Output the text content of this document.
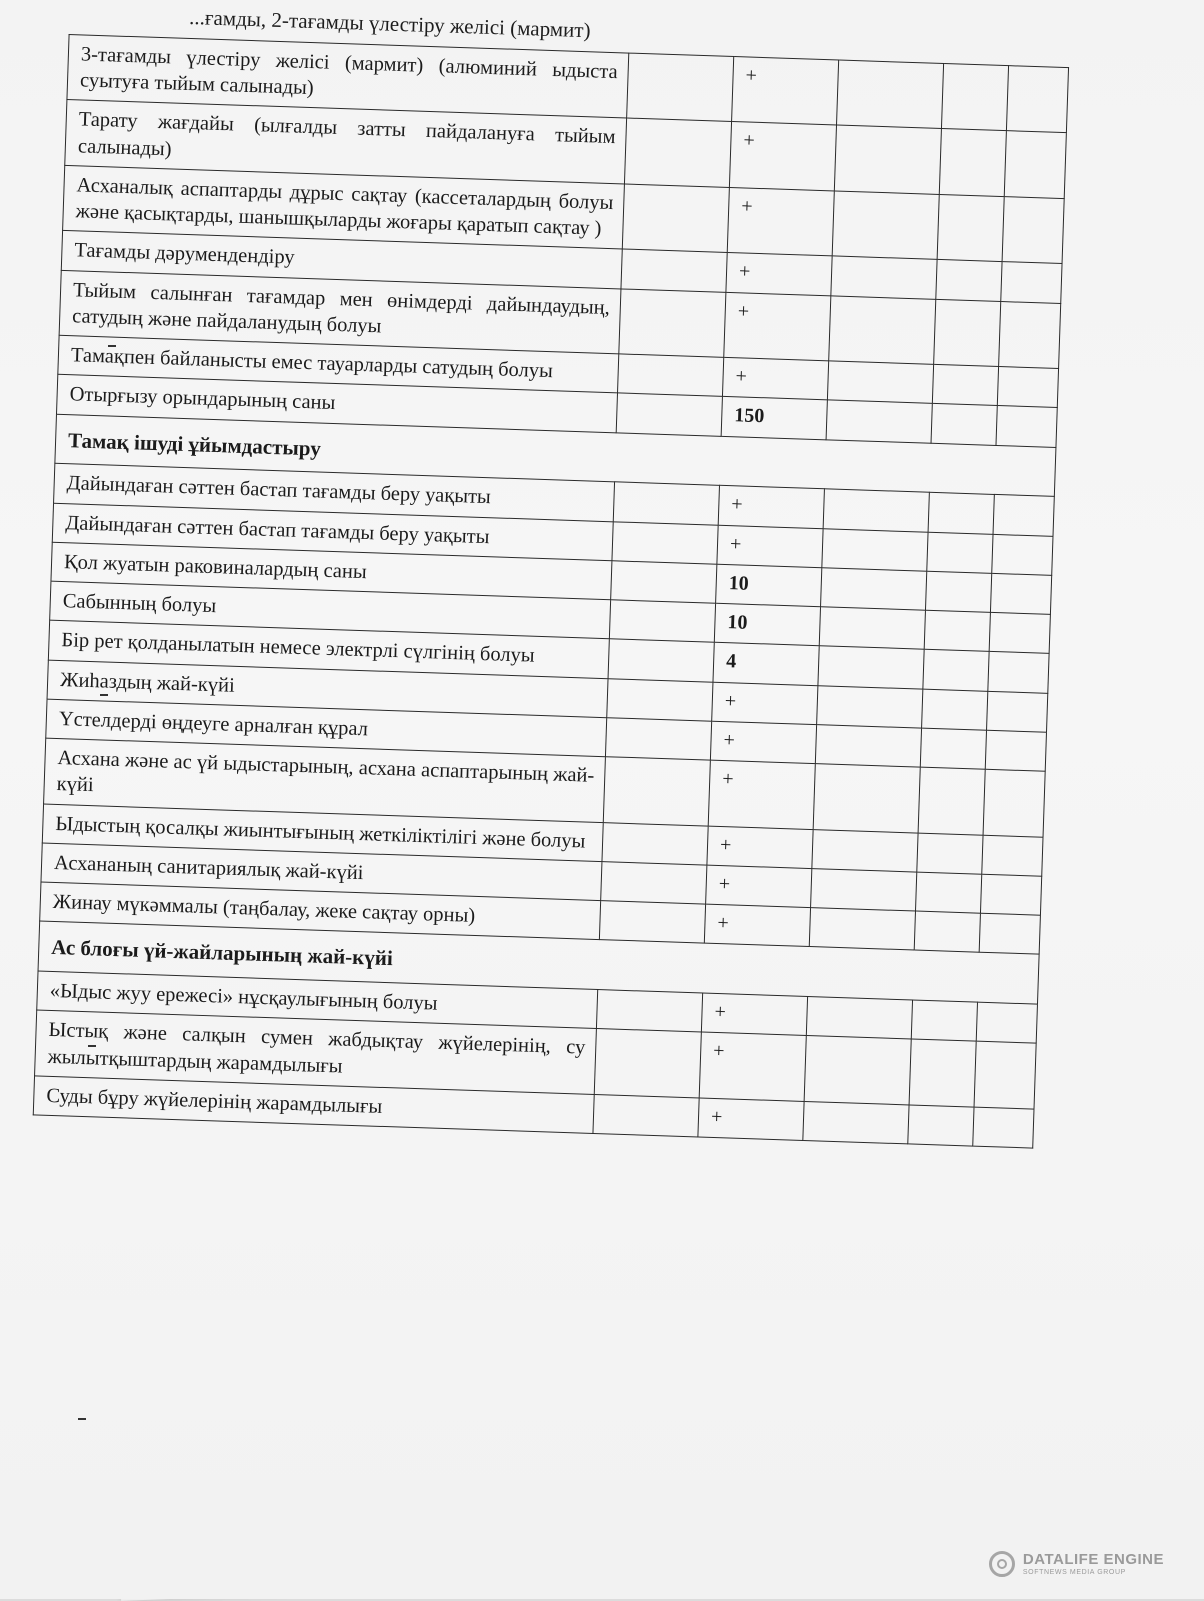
...ғамды, 2-тағамды үлестіру желісі (мармит)
3-тағамды үлестіру желісі (мармит) (алюминий ыдыста суытуға тыйым салынады)		+			
Тарату жағдайы (ылғалды затты пайдалануға тыйым салынады)		+			
Асханалық аспаптарды дұрыс сақтау (кассеталардың болуы және қасықтарды, шанышқыларды жоғары қаратып сақтау )		+			
Тағамды дәрумендендіру		+			
Тыйым салынған тағамдар мен өнімдерді дайындаудың, сатудың және пайдаланудың болуы		+			
Тамақпен байланысты емес тауарларды сатудың болуы		+			
Отырғызу орындарының саны		150			
Тамақ ішуді ұйымдастыру					
Дайындаған сәттен бастап тағамды беру уақыты		+			
Дайындаған сәттен бастап тағамды беру уақыты		+			
Қол жуатын раковиналардың саны		10			
Сабынның болуы		10			
Бір рет қолданылатын немесе электрлі сүлгінің болуы		4			
Жиһаздың жай-күйі		+			
Үстелдерді өңдеуге арналған құрал		+			
Асхана және ас үй ыдыстарының, асхана аспаптарының жай-күйі		+			
Ыдыстың қосалқы жиынтығының жеткіліктілігі және болуы		+			
Асхананың санитариялық жай-күйі		+			
Жинау мүкәммалы (таңбалау, жеке сақтау орны)		+			
Ас блоғы үй-жайларының жай-күйі					
«Ыдыс жуу ережесі» нұсқаулығының болуы		+			
Ыстық және салқын сумен жабдықтау жүйелерінің, су жылытқыштардың жарамдылығы		+			
Суды бұру жүйелерінің жарамдылығы		+			
DATALIFE ENGINE
SOFTNEWS MEDIA GROUP
